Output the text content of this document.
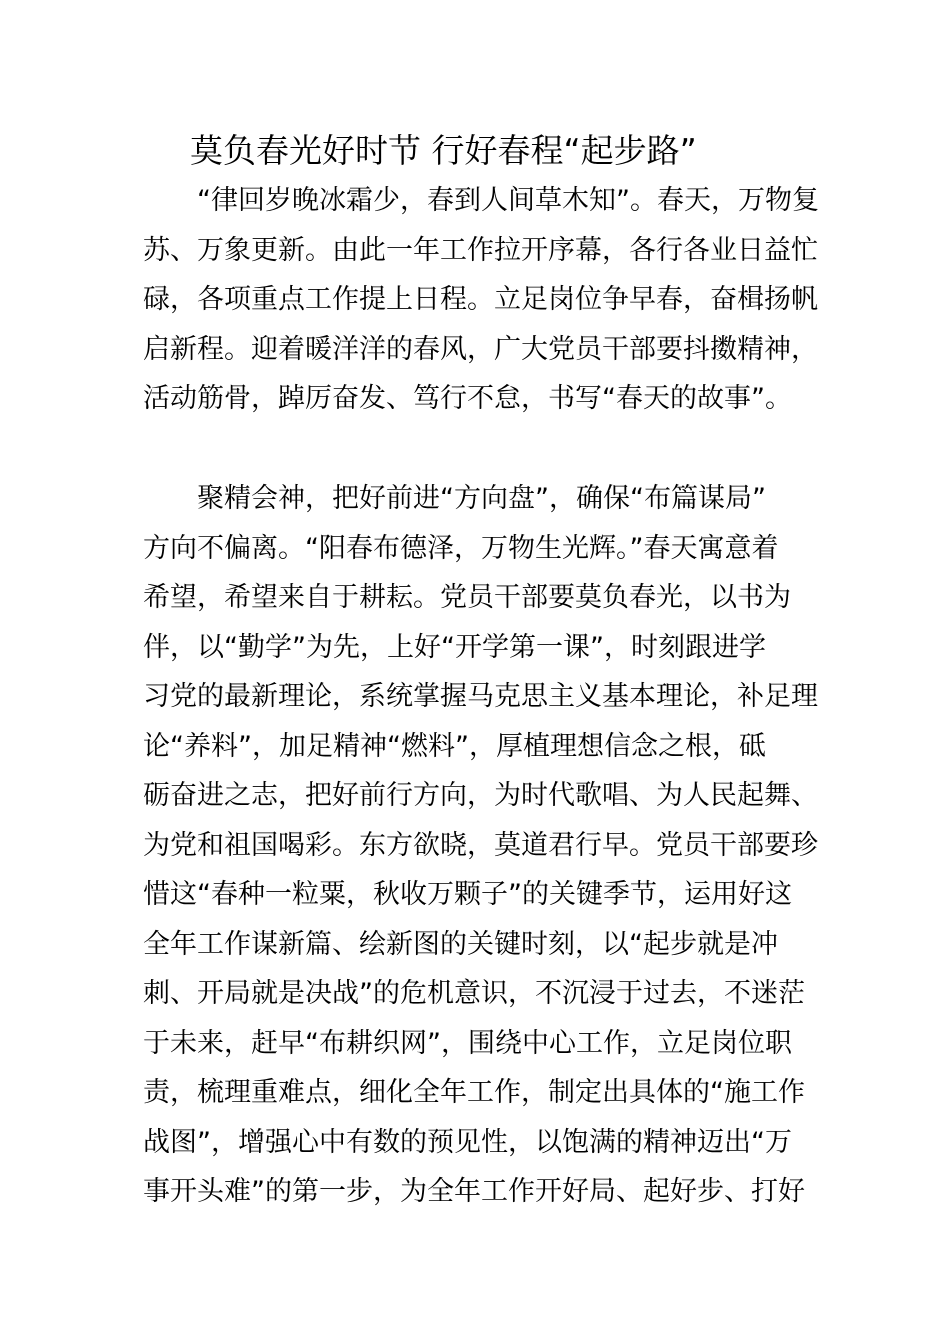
莫负春光好时节 行好春程“起步路”
“律回岁晚冰霜少，春到人间草木知”。春天，万物复
苏、万象更新。由此一年工作拉开序幕，各行各业日益忙
碌，各项重点工作提上日程。立足岗位争早春，奋楫扬帆
启新程。迎着暖洋洋的春风，广大党员干部要抖擞精神，
活动筋骨，踔厉奋发、笃行不怠，书写“春天的故事”。
聚精会神，把好前进“方向盘”，确保“布篇谋局”
方向不偏离。“阳春布德泽，万物生光辉。”春天寓意着
希望，希望来自于耕耘。党员干部要莫负春光，以书为
伴，以“勤学”为先，上好“开学第一课”，时刻跟进学
习党的最新理论，系统掌握马克思主义基本理论，补足理
论“养料”，加足精神“燃料”，厚植理想信念之根，砥
砺奋进之志，把好前行方向，为时代歌唱、为人民起舞、
为党和祖国喝彩。东方欲晓，莫道君行早。党员干部要珍
惜这“春种一粒粟，秋收万颗子”的关键季节，运用好这
全年工作谋新篇、绘新图的关键时刻，以“起步就是冲
刺、开局就是决战”的危机意识，不沉浸于过去，不迷茫
于未来，赶早“布耕织网”，围绕中心工作，立足岗位职
责，梳理重难点，细化全年工作，制定出具体的“施工作
战图”，增强心中有数的预见性，以饱满的精神迈出“万
事开头难”的第一步，为全年工作开好局、起好步、打好
